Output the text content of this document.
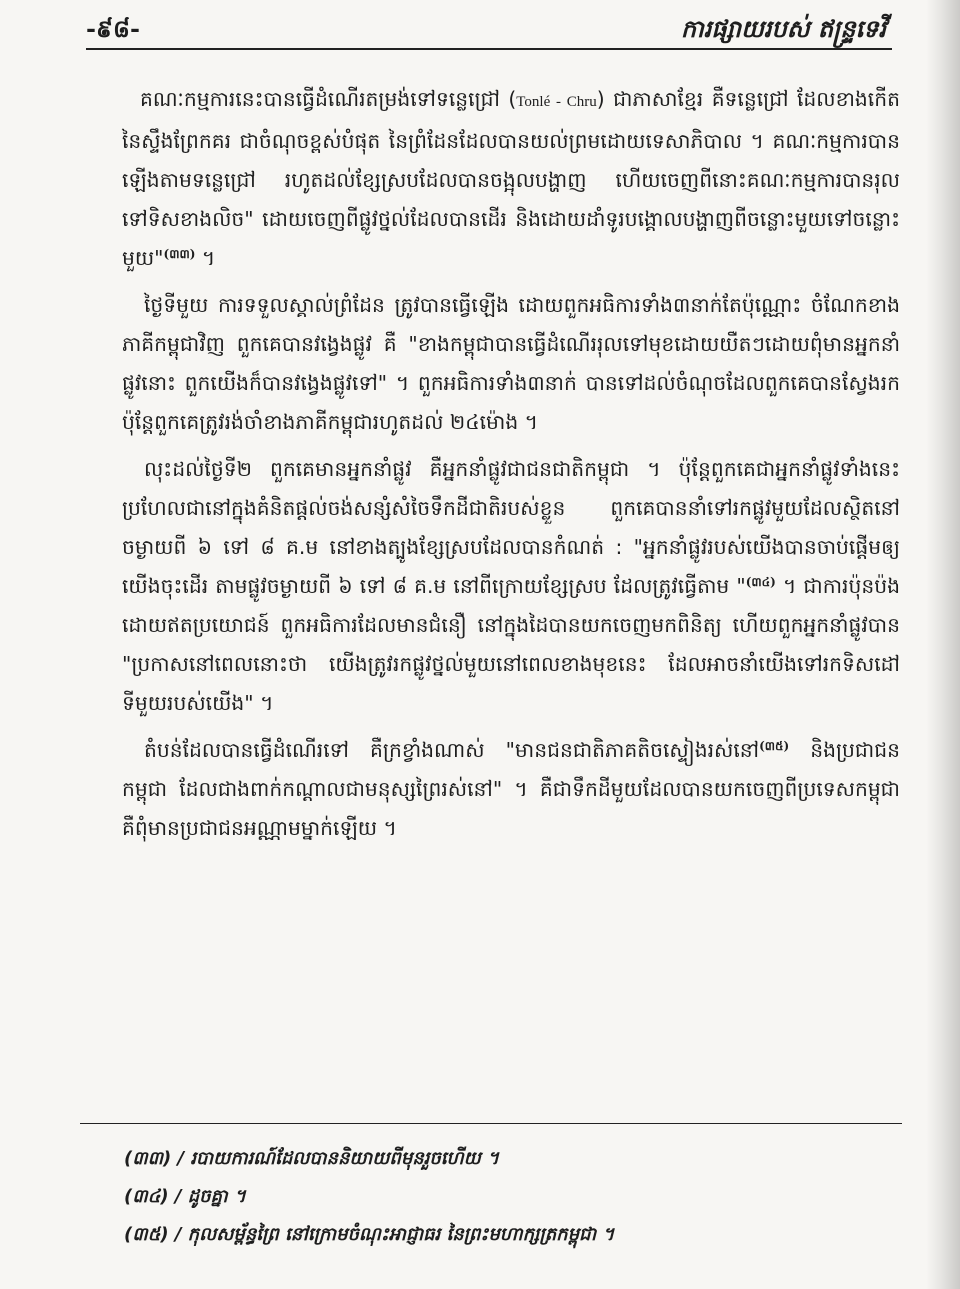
-៩៨-	ការផ្សាយរបស់ ឥន្ទ្រទេវី

គណៈកម្មការនេះបានធ្វើដំណើរតម្រង់ទៅទន្លេជ្រៅ (Tonlé - Chru) ជាភាសាខ្មែរ គឺទន្លេជ្រៅ ដែលខាងកើត នៃស្ទឹងព្រែកគរ ជាចំណុចខ្ពស់បំផុត នៃព្រំដែនដែលបានយល់ព្រមដោយទេសាភិបាល ។ គណៈកម្មការបានឡើងតាមទន្លេជ្រៅ រហូតដល់ខ្សែស្របដែលបានចង្អុលបង្ហាញ ហើយចេញពីនោះគណៈកម្មការបានរុលទៅទិសខាងលិច" ដោយចេញពីផ្លូវថ្នល់ដែលបានដើរ និងដោយដាំទូរបង្គោលបង្ហាញពីចន្លោះមួយទៅចន្លោះមួយ"$^{(៣៣)}$ ។

ថ្ងៃទីមួយ ការទទួលស្គាល់ព្រំដែន ត្រូវបានធ្វើឡើង ដោយពួកអធិការទាំង៣នាក់តែប៉ុណ្ណោះ ចំណែកខាងភាគីកម្ពុជាវិញ ពួកគេបានវង្វេងផ្លូវ គឺ "ខាងកម្ពុជាបានធ្វើដំណើររុលទៅមុខដោយយឺតៗដោយពុំមានអ្នកនាំផ្លូវនោះ ពួកយើងក៏បានវង្វេងផ្លូវទៅ" ។ ពួកអធិការទាំង៣នាក់ បានទៅដល់ចំណុចដែលពួកគេបានស្វែងរក ប៉ុន្តែពួកគេត្រូវរង់ចាំខាងភាគីកម្ពុជារហូតដល់ ២៤ម៉ោង ។

លុះដល់ថ្ងៃទី២ ពួកគេមានអ្នកនាំផ្លូវ គឺអ្នកនាំផ្លូវជាជនជាតិកម្ពុជា ។ ប៉ុន្តែពួកគេជាអ្នកនាំផ្លូវទាំងនេះ ប្រហែលជានៅក្នុងគំនិតផ្តល់ចង់សន្សំសំចៃទឹកដីជាតិរបស់ខ្លួន ពួកគេបាននាំទៅរកផ្លូវមួយដែលស្ថិតនៅចម្ងាយពី ៦ ទៅ ៨ គ.ម នៅខាងត្បូងខ្សែស្របដែលបានកំណត់ : "អ្នកនាំផ្លូវរបស់យើងបានចាប់ផ្ដើមឲ្យយើងចុះដើរ តាមផ្លូវចម្ងាយពី ៦ ទៅ ៨ គ.ម នៅពីក្រោយខ្សែស្រប ដែលត្រូវធ្វើតាម "$^{(៣៤)}$ ។ ជាការប៉ុនប៉ងដោយឥតប្រយោជន៍ ពួកអធិការដែលមានជំនឿ នៅក្នុងដៃបានយកចេញមកពិនិត្យ ហើយពួកអ្នកនាំផ្លូវបាន "ប្រកាសនៅពេលនោះថា យើងត្រូវរកផ្លូវថ្នល់មួយនៅពេលខាងមុខនេះ ដែលអាចនាំយើងទៅរកទិសដៅទីមួយរបស់យើង" ។

តំបន់ដែលបានធ្វើដំណើរទៅ គឺក្រខ្វាំងណាស់ "មានជនជាតិភាគតិចស្ទៀងរស់នៅ$^{(៣៥)}$ និងប្រជាជនកម្ពុជា ដែលជាងពាក់កណ្តាលជាមនុស្សព្រៃរស់នៅ" ។ គឺជាទឹកដីមួយដែលបានយកចេញពីប្រទេសកម្ពុជា គឺពុំមានប្រជាជនអណ្ណាមម្នាក់ឡើយ ។

(៣៣) / របាយការណ៍ដែលបាននិយាយពីមុនរួចហើយ ។
(៣៤) / ដូចគ្នា ។
(៣៥) / កុលសម្ព័ន្ធព្រៃ នៅក្រោមចំណុះអាជ្ញាធរ នៃព្រះមហាក្សត្រកម្ពុជា ។
